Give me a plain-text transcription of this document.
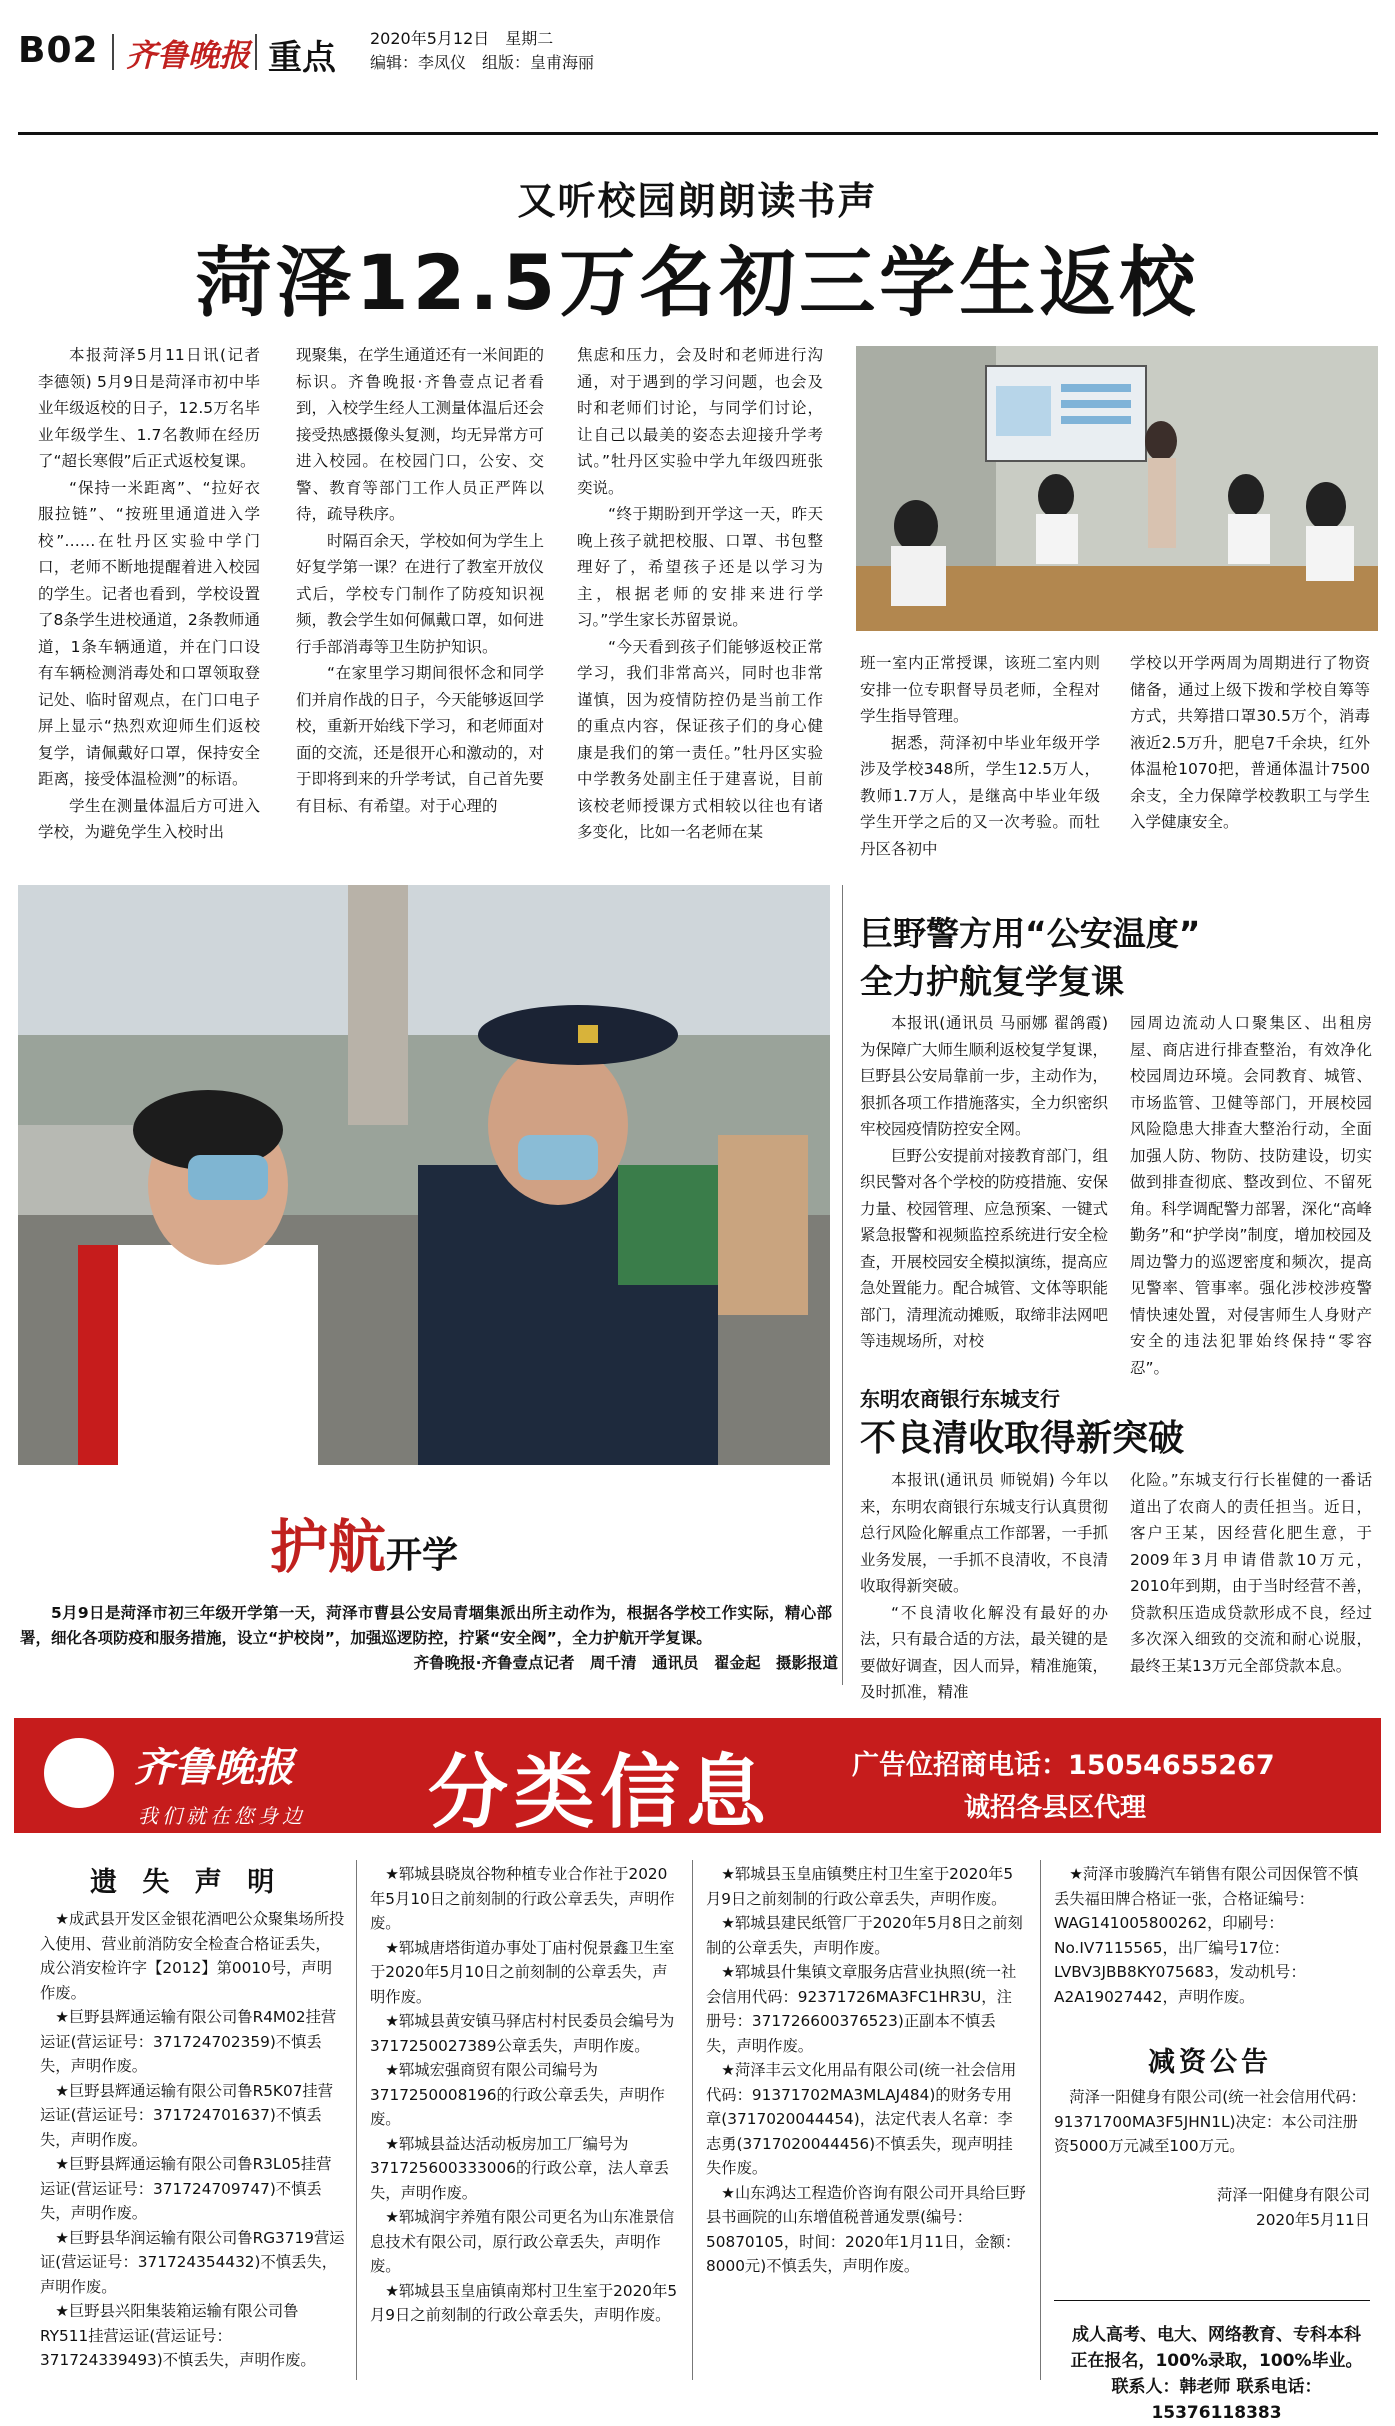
B02 齐鲁晚报 重点 2020年5月12日　 星期二
编辑：李凤仪　 组版：皇甫海丽
又听校园朗朗读书声
菏泽12.5万名初三学生返校

本报菏泽5月11日讯(记者 李德领) 5月9日是菏泽市初中毕业年级返校的日子，12.5万名毕业年级学生、1.7名教师在经历了“超长寒假”后正式返校复课。

“保持一米距离”、“拉好衣服拉链”、“按班里通道进入学校”……在牡丹区实验中学门口，老师不断地提醒着进入校园的学生。记者也看到，学校设置了8条学生进校通道，2条教师通道，1条车辆通道，并在门口设有车辆检测消毒处和口罩领取登记处、临时留观点，在门口电子屏上显示“热烈欢迎师生们返校复学，请佩戴好口罩，保持安全距离，接受体温检测”的标语。

学生在测量体温后方可进入学校，为避免学生入校时出

现聚集，在学生通道还有一米间距的标识。齐鲁晚报·齐鲁壹点记者看到，入校学生经人工测量体温后还会接受热感摄像头复测，均无异常方可进入校园。在校园门口，公安、交警、教育等部门工作人员正严阵以待，疏导秩序。

时隔百余天，学校如何为学生上好复学第一课？在进行了教室开放仪式后，学校专门制作了防疫知识视频，教会学生如何佩戴口罩，如何进行手部消毒等卫生防护知识。

“在家里学习期间很怀念和同学们并肩作战的日子，今天能够返回学校，重新开始线下学习，和老师面对面的交流，还是很开心和激动的，对于即将到来的升学考试，自己首先要有目标、有希望。对于心理的

焦虑和压力，会及时和老师进行沟通，对于遇到的学习问题，也会及时和老师们讨论，与同学们讨论，让自己以最美的姿态去迎接升学考试。”牡丹区实验中学九年级四班张奕说。

“终于期盼到开学这一天，昨天晚上孩子就把校服、口罩、书包整理好了，希望孩子还是以学习为主，根据老师的安排来进行学习。”学生家长苏留景说。

“今天看到孩子们能够返校正常学习，我们非常高兴，同时也非常谨慎，因为疫情防控仍是当前工作的重点内容，保证孩子们的身心健康是我们的第一责任。”牡丹区实验中学教务处副主任于建喜说，目前该校老师授课方式相较以往也有诸多变化，比如一名老师在某

班一室内正常授课，该班二室内则安排一位专职督导员老师，全程对学生指导管理。

据悉，菏泽初中毕业年级开学涉及学校348所，学生12.5万人，教师1.7万人，是继高中毕业年级学生开学之后的又一次考验。而牡丹区各初中

学校以开学两周为周期进行了物资储备，通过上级下拨和学校自筹等方式，共筹措口罩30.5万个，消毒液近2.5万升，肥皂7千余块，红外体温枪1070把，普通体温计7500余支，全力保障学校教职工与学生入学健康安全。

护航开学
5月9日是菏泽市初三年级开学第一天，菏泽市曹县公安局青堌集派出所主动作为，根据各学校工作实际，精心部署，细化各项防疫和服务措施，设立“护校岗”，加强巡逻防控，拧紧“安全阀”，全力护航开学复课。
齐鲁晚报·齐鲁壹点记者　周千清　通讯员　翟金起　摄影报道
巨野警方用“公安温度”
全力护航复学复课

本报讯(通讯员 马丽娜 翟鸽霞) 为保障广大师生顺利返校复学复课，巨野县公安局靠前一步，主动作为，狠抓各项工作措施落实，全力织密织牢校园疫情防控安全网。

巨野公安提前对接教育部门，组织民警对各个学校的防疫措施、安保力量、校园管理、应急预案、一键式紧急报警和视频监控系统进行安全检查，开展校园安全模拟演练，提高应急处置能力。配合城管、文体等职能部门，清理流动摊贩，取缔非法网吧等违规场所，对校

园周边流动人口聚集区、出租房屋、商店进行排查整治，有效净化校园周边环境。会同教育、城管、市场监管、卫健等部门，开展校园风险隐患大排查大整治行动，全面加强人防、物防、技防建设，切实做到排查彻底、整改到位、不留死角。科学调配警力部署，深化“高峰勤务”和“护学岗”制度，增加校园及周边警力的巡逻密度和频次，提高见警率、管事率。强化涉校涉疫警情快速处置，对侵害师生人身财产安全的违法犯罪始终保持“零容忍”。

东明农商银行东城支行
不良清收取得新突破

本报讯(通讯员 师锐娟) 今年以来，东明农商银行东城支行认真贯彻总行风险化解重点工作部署，一手抓业务发展，一手抓不良清收，不良清收取得新突破。

“不良清收化解没有最好的办法，只有最合适的方法，最关键的是要做好调查，因人而异，精准施策，及时抓准，精准

化险。”东城支行行长崔健的一番话道出了农商人的责任担当。近日，客户王某，因经营化肥生意，于2009年3月申请借款10万元，2010年到期，由于当时经营不善，贷款积压造成贷款形成不良，经过多次深入细致的交流和耐心说服，最终王某13万元全部贷款本息。

齐鲁晚报
我们就在您身边 分类信息	广告位招商电话：15054655267
诚招各县区代理
遗 失 声 明

★成武县开发区金银花酒吧公众聚集场所投入使用、营业前消防安全检查合格证丢失，成公消安检许字【2012】第0010号，声明作废。

★巨野县辉通运输有限公司鲁R4M02挂营运证(营运证号：371724702359)不慎丢失，声明作废。

★巨野县辉通运输有限公司鲁R5K07挂营运证(营运证号：371724701637)不慎丢失，声明作废。

★巨野县辉通运输有限公司鲁R3L05挂营运证(营运证号：371724709747)不慎丢失，声明作废。

★巨野县华润运输有限公司鲁RG3719营运证(营运证号：371724354432)不慎丢失，声明作废。

★巨野县兴阳集装箱运输有限公司鲁RY511挂营运证(营运证号：371724339493)不慎丢失，声明作废。

★郓城县晓岚谷物种植专业合作社于2020年5月10日之前刻制的行政公章丢失，声明作废。

★郓城唐塔街道办事处丁庙村倪景鑫卫生室于2020年5月10日之前刻制的公章丢失，声明作废。

★郓城县黄安镇马驿店村村民委员会编号为3717250027389公章丢失，声明作废。

★郓城宏强商贸有限公司编号为3717250008196的行政公章丢失，声明作废。

★郓城县益达活动板房加工厂编号为371725600333006的行政公章，法人章丢失，声明作废。

★郓城润宇养殖有限公司更名为山东准景信息技术有限公司，原行政公章丢失，声明作废。

★郓城县玉皇庙镇南郑村卫生室于2020年5月9日之前刻制的行政公章丢失，声明作废。

★郓城县玉皇庙镇樊庄村卫生室于2020年5月9日之前刻制的行政公章丢失，声明作废。

★郓城县建民纸管厂于2020年5月8日之前刻制的公章丢失，声明作废。

★郓城县什集镇文章服务店营业执照(统一社会信用代码：92371726MA3FC1HR3U，注册号：371726600376523)正副本不慎丢失，声明作废。

★菏泽丰云文化用品有限公司(统一社会信用代码：91371702MA3MLAJ484)的财务专用章(3717020044454)，法定代表人名章：李志勇(3717020044456)不慎丢失，现声明挂失作废。

★山东鸿达工程造价咨询有限公司开具给巨野县书画院的山东增值税普通发票(编号：50870105，时间：2020年1月11日，金额：8000元)不慎丢失，声明作废。

★菏泽市骏腾汽车销售有限公司因保管不慎丢失福田牌合格证一张，合格证编号：WAG141005800262，印刷号：No.IV7115565，出厂编号17位：LVBV3JBB8KY075683，发动机号：A2A19027442，声明作废。

减资公告

菏泽一阳健身有限公司(统一社会信用代码：91371700MA3F5JHN1L)决定：本公司注册资5000万元减至100万元。

菏泽一阳健身有限公司
2020年5月11日
成人高考、电大、网络教育、专科本科正在报名，100%录取，100%毕业。
联系人：韩老师 联系电话：15376118383
